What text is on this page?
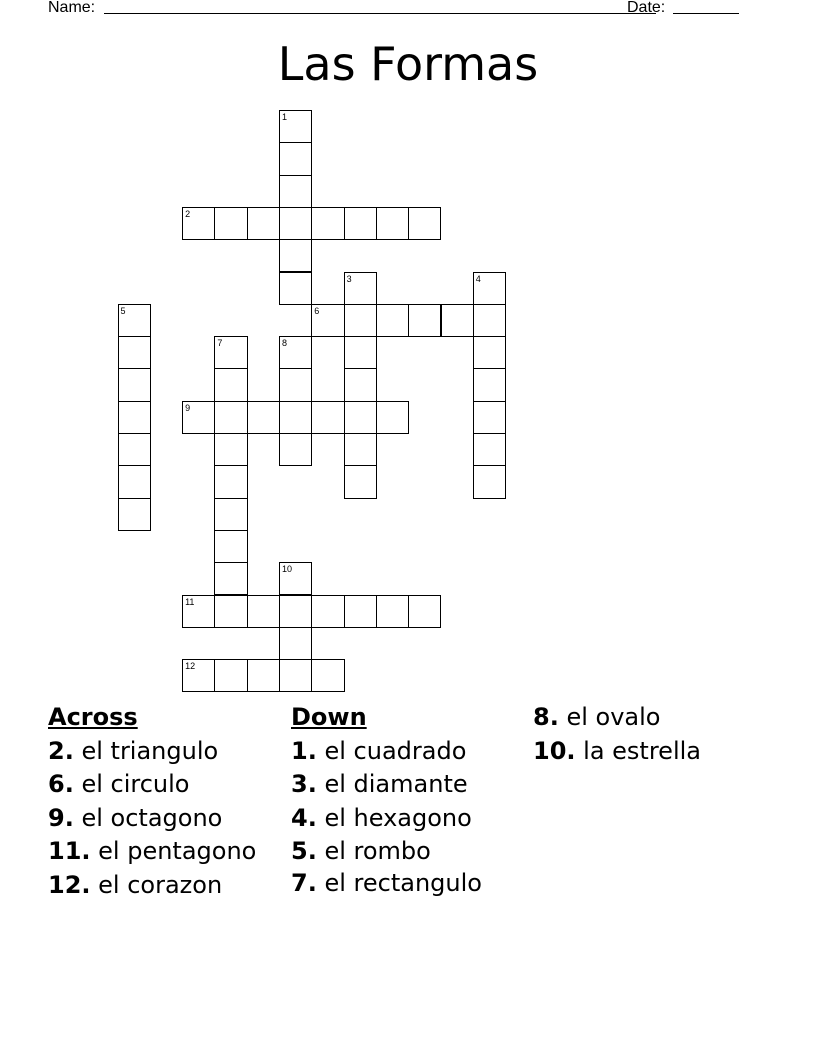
Name:	Date:
Las Formas
1
2
3	4
5	6
7	8
9
10
11
12
Across
2. el triangulo
6. el circulo
9. el octagono
11. el pentagono
12. el corazon
Down
1. el cuadrado
3. el diamante
4. el hexagono
5. el rombo
7. el rectangulo
8. el ovalo
10. la estrella
